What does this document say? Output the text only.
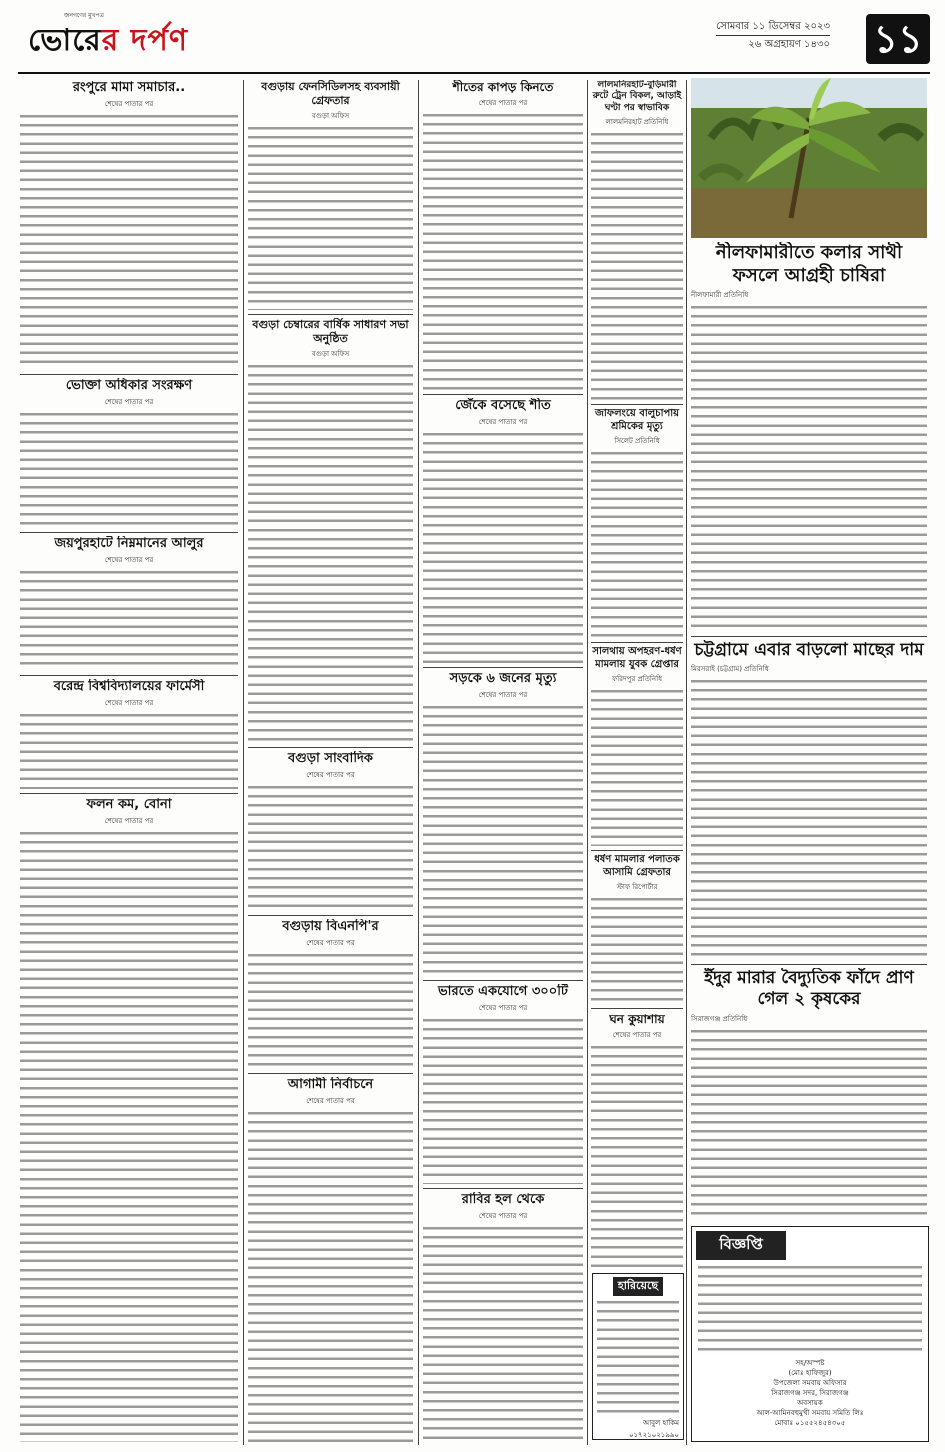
জনগণের মুখপত্র
ভোরের দর্পণ	সোমবার ১১ ডিসেম্বর ২০২৩
২৬ অগ্রহায়ণ ১৪৩০ ১১
রংপুরে মামা সমাচার..
শেষের পাতার পর
ভোক্তা অধিকার সংরক্ষণ
শেষের পাতার পর
জয়পুরহাটে নিম্নমানের আলুর
শেষের পাতার পর
বরেন্দ্র বিশ্ববিদ্যালয়ের ফার্মেসী
শেষের পাতার পর
ফলন কম, বোনা
শেষের পাতার পর
বগুড়ায় ফেনসিডিলসহ ব্যবসায়ী গ্রেফতার
বগুড়া অফিস
বগুড়া চেম্বারের বার্ষিক সাধারণ সভা অনুষ্ঠিত
বগুড়া অফিস
বগুড়া সাংবাদিক
শেষের পাতার পর
বগুড়ায় বিএনপি'র
শেষের পাতার পর
আগামী নির্বাচনে
শেষের পাতার পর
শীতের কাপড় কিনতে
শেষের পাতার পর
জেঁকে বসেছে শীত
শেষের পাতার পর
সড়কে ৬ জনের মৃত্যু
শেষের পাতার পর
ভারতে একযোগে ৩০০টি
শেষের পাতার পর
রাবির হল থেকে
শেষের পাতার পর
লালমনিরহাট-বুড়িমারী রুটে ট্রেন বিকল, আড়াই ঘণ্টা পর স্বাভাবিক
লালমনিরহাট প্রতিনিধি
জাফলংয়ে বালুচাপায় শ্রমিকের মৃত্যু
সিলেট প্রতিনিধি
সালথায় অপহরণ-ধর্ষণ মামলায় যুবক গ্রেপ্তার
ফরিদপুর প্রতিনিধি
ধর্ষণ মামলার পলাতক আসামি গ্রেফতার
স্টাফ রিপোর্টার
ঘন কুয়াশায়
শেষের পাতার পর
হারিয়েছে
আবুল হাকিম
০১৭২১০২১৯৯০
নীলফামারীতে কলার সাথী ফসলে আগ্রহী চাষিরা
নীলফামারী প্রতিনিধি
চট্টগ্রামে এবার বাড়লো মাছের দাম
মিরসরাই (চট্টগ্রাম) প্রতিনিধি
ইঁদুর মারার বৈদ্যুতিক ফাঁদে প্রাণ গেল ২ কৃষকের
সিরাজগঞ্জ প্রতিনিধি
বিজ্ঞপ্তি
সহ/অস্পষ্ট
(মোঃ হাফিজুর)
উপজেলা সমবায় অফিসার
সিরাজগঞ্জ সদর, সিরাজগঞ্জ
অবসায়ক
আল-আমিনবহুমুখী সমবায় সমিতি লিঃ
মোবাঃ ০১৫৫২৪৫৪৩০৫
